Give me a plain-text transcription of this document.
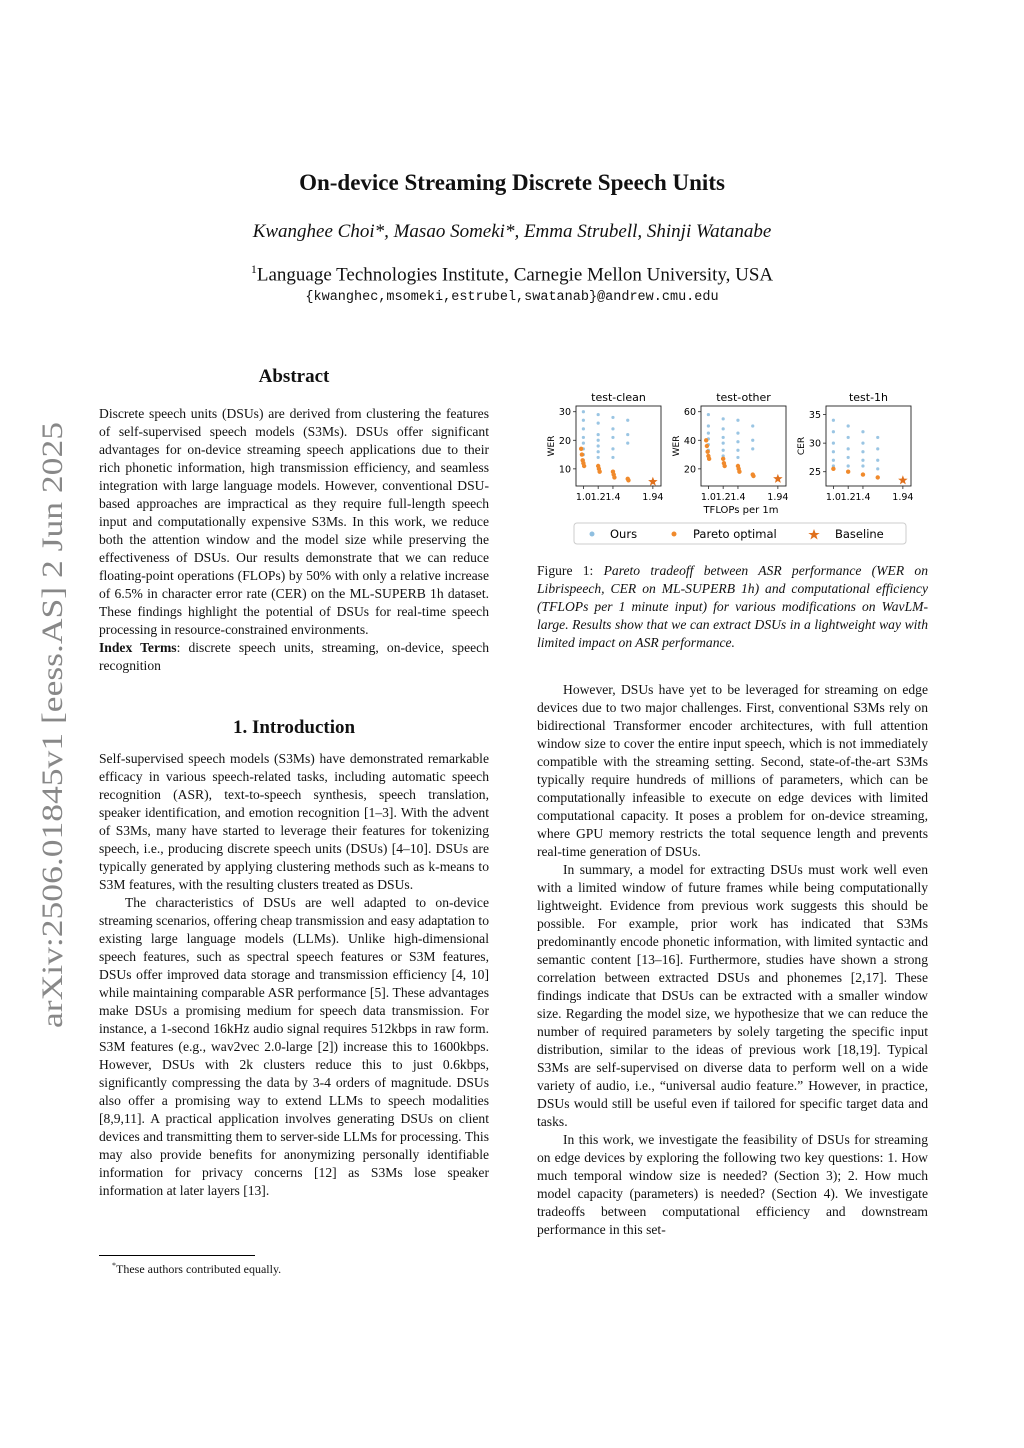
arXiv:2506.01845v1 [eess.AS] 2 Jun 2025
On-device Streaming Discrete Speech Units
Kwanghee Choi*, Masao Someki*, Emma Strubell, Shinji Watanabe
$^1$Language Technologies Institute, Carnegie Mellon University, USA
{kwanghec,msomeki,estrubel,swatanab}@andrew.cmu.edu
Abstract

Discrete speech units (DSUs) are derived from clustering the features of self-supervised speech models (S3Ms). DSUs offer significant advantages for on-device streaming speech applications due to their rich phonetic information, high transmission efficiency, and seamless integration with large language models. However, conventional DSU-based approaches are impractical as they require full-length speech input and computationally expensive S3Ms. In this work, we reduce both the attention window and the model size while preserving the effectiveness of DSUs. Our results demonstrate that we can reduce floating-point operations (FLOPs) by 50% with only a relative increase of 6.5% in character error rate (CER) on the ML-SUPERB 1h dataset. These findings highlight the potential of DSUs for real-time speech processing in resource-constrained environments.

Index Terms: discrete speech units, streaming, on-device, speech recognition

1. Introduction

Self-supervised speech models (S3Ms) have demonstrated remarkable efficacy in various speech-related tasks, including automatic speech recognition (ASR), text-to-speech synthesis, speech translation, speaker identification, and emotion recognition [1–3]. With the advent of S3Ms, many have started to leverage their features for tokenizing speech, i.e., producing discrete speech units (DSUs) [4–10]. DSUs are typically generated by applying clustering methods such as k-means to S3M features, with the resulting clusters treated as DSUs.

The characteristics of DSUs are well adapted to on-device streaming scenarios, offering cheap transmission and easy adaptation to existing large language models (LLMs). Unlike high-dimensional speech features, such as spectral speech features or S3M features, DSUs offer improved data storage and transmission efficiency [4, 10] while maintaining comparable ASR performance [5]. These advantages make DSUs a promising medium for speech data transmission. For instance, a 1-second 16kHz audio signal requires 512kbps in raw form. S3M features (e.g., wav2vec 2.0-large [2]) increase this to 1600kbps. However, DSUs with 2k clusters reduce this to just 0.6kbps, significantly compressing the data by 3-4 orders of magnitude. DSUs also offer a promising way to extend LLMs to speech modalities [8,9,11]. A practical application involves generating DSUs on client devices and transmitting them to server-side LLMs for processing. This may also provide benefits for anonymizing personally identifiable information for privacy concerns [12] as S3Ms lose speaker information at later layers [13].

*These authors contributed equally.
TFLOPs per 1m
Ours	Pareto optimal	Baseline
test-clean
WER
10
20
30
1.0 1.2 1.4 1.94
test-other
WER
20
40
60
1.0 1.2 1.4 1.94
test-1h
CER
25
30
35
1.0 1.2 1.4 1.94
Figure 1: Pareto tradeoff between ASR performance (WER on Librispeech, CER on ML-SUPERB 1h) and computational efficiency (TFLOPs per 1 minute input) for various modifications on WavLM-large. Results show that we can extract DSUs in a lightweight way with limited impact on ASR performance.

However, DSUs have yet to be leveraged for streaming on edge devices due to two major challenges. First, conventional S3Ms rely on bidirectional Transformer encoder architectures, with full attention window size to cover the entire input speech, which is not immediately compatible with the streaming setting. Second, state-of-the-art S3Ms typically require hundreds of millions of parameters, which can be computationally infeasible to execute on edge devices with limited computational capacity. It poses a problem for on-device streaming, where GPU memory restricts the total sequence length and prevents real-time generation of DSUs.

In summary, a model for extracting DSUs must work well even with a limited window of future frames while being computationally lightweight. Evidence from previous work suggests this should be possible. For example, prior work has indicated that S3Ms predominantly encode phonetic information, with limited syntactic and semantic content [13–16]. Furthermore, studies have shown a strong correlation between extracted DSUs and phonemes [2,17]. These findings indicate that DSUs can be extracted with a smaller window size. Regarding the model size, we hypothesize that we can reduce the number of required parameters by solely targeting the specific input distribution, similar to the ideas of previous work [18,19]. Typical S3Ms are self-supervised on diverse data to perform well on a wide variety of audio, i.e., “universal audio feature.” However, in practice, DSUs would still be useful even if tailored for specific target data and tasks.

In this work, we investigate the feasibility of DSUs for streaming on edge devices by exploring the following two key questions: 1. How much temporal window size is needed? (Section 3); 2. How much model capacity (parameters) is needed? (Section 4). We investigate tradeoffs between computational efficiency and downstream performance in this set-
